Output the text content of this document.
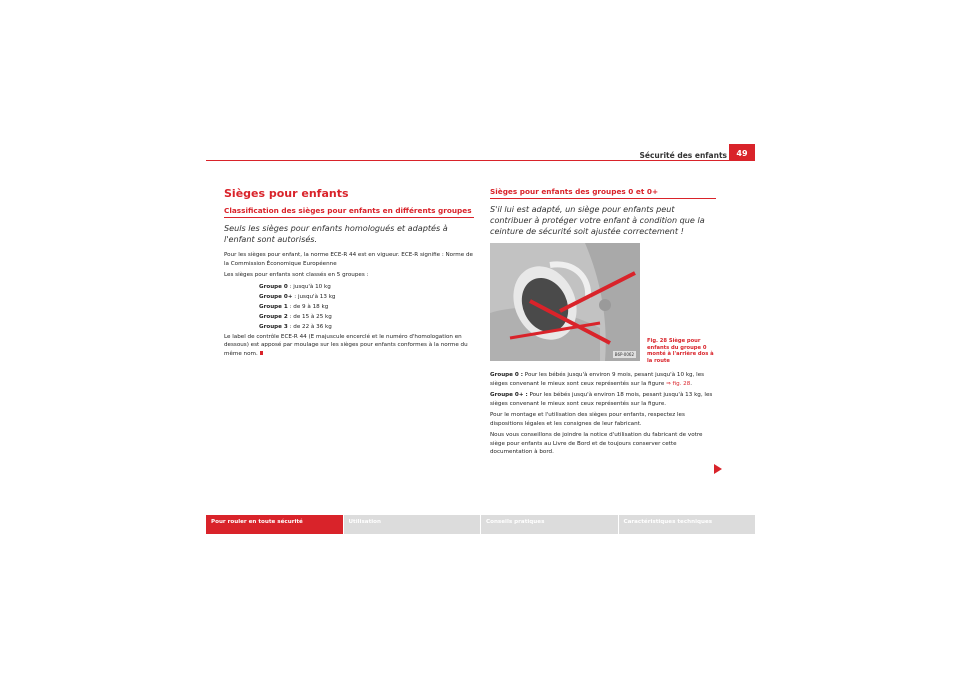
Sécurité des enfants	49
Sièges pour enfants
Classification des sièges pour enfants en différents groupes
Seuls les sièges pour enfants homologués et adaptés à l'enfant sont autorisés.
Pour les sièges pour enfant, la norme ECE-R 44 est en vigueur. ECE-R signifie : Norme de la Commission Économique Européenne
Les sièges pour enfants sont classés en 5 groupes :
Groupe 0 : jusqu'à 10 kg
Groupe 0+ : jusqu'à 13 kg
Groupe 1 : de 9 à 18 kg
Groupe 2 : de 15 à 25 kg
Groupe 3 : de 22 à 36 kg
Le label de contrôle ECE-R 44 (E majuscule encerclé et le numéro d'homologation en dessous) est apposé par moulage sur les sièges pour enfants conformes à la norme du même nom.
Sièges pour enfants des groupes 0 et 0+
S'il lui est adapté, un siège pour enfants peut contribuer à protéger votre enfant à condition que la ceinture de sécurité soit ajustée correctement !
B6P-0062
Groupe 0 : Pour les bébés jusqu'à environ 9 mois, pesant jusqu'à 10 kg, les sièges convenant le mieux sont ceux représentés sur la figure ⇒ fig. 28.
Groupe 0+ : Pour les bébés jusqu'à environ 18 mois, pesant jusqu'à 13 kg, les sièges convenant le mieux sont ceux représentés sur la figure.
Pour le montage et l'utilisation des sièges pour enfants, respectez les dispositions légales et les consignes de leur fabricant.
Nous vous conseillons de joindre la notice d'utilisation du fabricant de votre siège pour enfants au Livre de Bord et de toujours conserver cette documentation à bord.
Fig. 28 Siège pour enfants du groupe 0 monté à l'arrière dos à la route
Pour rouler en toute sécurité	Utilisation	Conseils pratiques	Caractéristiques techniques
